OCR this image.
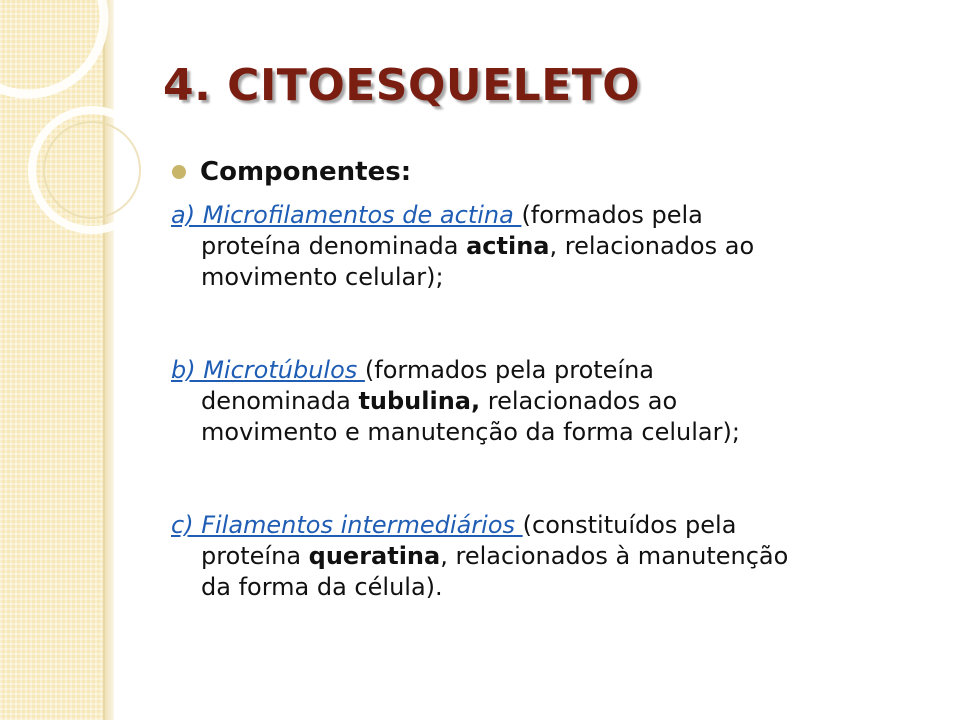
4. CITOESQUELETO
Componentes:
a) Microfilamentos de actina (formados pela
proteína denominada actina, relacionados ao
movimento celular);
b) Microtúbulos (formados pela proteína
denominada tubulina, relacionados ao
movimento e manutenção da forma celular);
c) Filamentos intermediários (constituídos pela
proteína queratina, relacionados à manutenção
da forma da célula).
